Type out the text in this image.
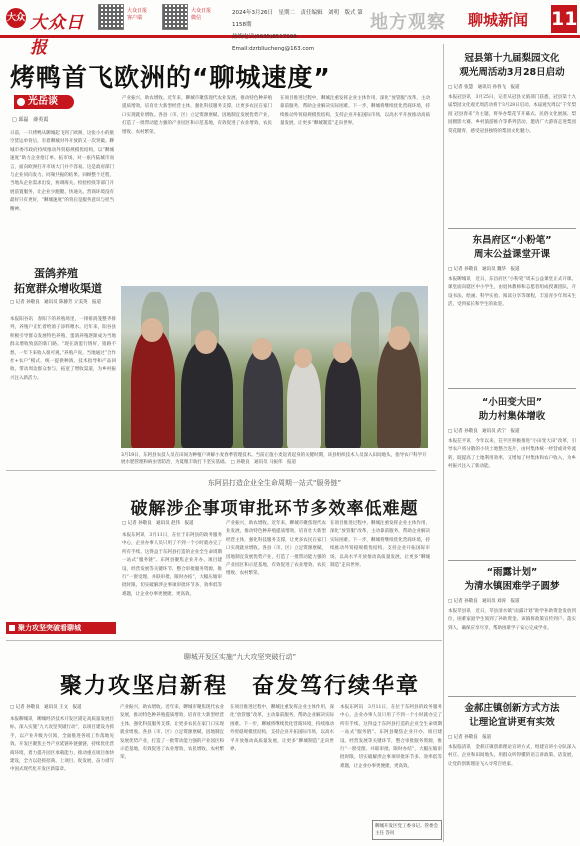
大众 大众日报
大众日报 客户端
大众日报 微信
2024年3月26日　星期二　责任编辑　刘明　版式 第1158期
热线电话(0635)8517099 Email:dzrbliucheng@163.com
地方观察 聊城新闻 11
烤鸭首飞欧洲的“聊城速度”
光岳谈
□ 邱磊　薛英霞
日前，一只烤鸭从聊城起飞到了欧洲，这张小小的航空货运单背后，有着聊城对外开放的又一次突破。聊城市委市政府持续推动外贸稳规模优结构，以“聊城速度”助力企业抢订单、拓市场。对一座内陆城市而言，面向欧洲打开市场大门并不容易。这是政府部门与企业同向发力、同频共振的结果。回顾整个过程，当地从企业需求出发，协调海关、检验检疫等部门开展前置服务，让企业少跑腿、快通关。营商环境没有最好只有更好，“聊城速度”的背后是服务意识与担当精神。
产业振兴，助农增收。近年来，聊城市聚焦现代农业发展，推动特色种养殖提质增效，培育壮大新型经营主体，强化科技服务支撑，让更多农民在家门口实现就业增收。各县（市、区）立足资源禀赋，因地制宜发展优势产业，打造了一批带动能力强的产业园区和示范基地，有效促进了农业增效、农民增收、农村繁荣。
在项目推进过程中，聊城注重发挥企业主体作用，深化“放管服”改革，主动靠前服务，帮助企业解决实际困难。下一步，聊城将继续优化营商环境，持续推动外贸稳规模优结构，支持企业开拓国际市场，以高水平开放推动高质量发展，让更多“聊城制造”走向世界。
蛋鸽养殖
拓宽群众增收渠道
□ 记者 孙敬良　通讯员 陈静芳 亓美英　报道
本报阳谷讯　春阳下的养殖场里，一排排鸽笼整齐排列，养殖户正忙着给鸽子添料喂水。近年来，阳谷县积极引导群众发展特色养殖，蛋鸽养殖逐渐成为当地群众增收致富的新门路。“现在鸽蛋行情好，销路不愁，一年下来收入很可观。”养殖户说。当地通过“合作社+农户”模式，统一提供种鸽、技术指导和产品回收，带动周边群众参与，拓宽了增收渠道，为乡村振兴注入新活力。
3月19日，东阿县农技人员在田间为种植户讲解小麦春季管理技术。当前正值小麦返青起身的关键时期，该县组织技术人员深入田间地头，指导农户科学开展水肥管理和病虫害防治，为夏粮丰收打下坚实基础。 □ 孙敬良　通讯员 马振伟　报道
东阿县打造企业全生命周期一站式“服务链”
破解涉企事项审批环节多效率低难题
□ 记者 孙敬良　通讯员 赵伟　报道
本报东阿讯　3月11日，在位于东阿县的政务服务中心，企业办事人员只用了不到一个小时就办完了所有手续。这得益于东阿县打造的企业全生命周期一站式“服务链”。东阿县聚焦企业开办、项目建设、经营发展等关键环节，整合审批服务资源，推行“一窗受理、并联审批、限时办结”，大幅压缩审批时限，切实破解涉企事项审批环节多、效率低等难题，让企业办事更便捷、更高效。
产业振兴，助农增收。近年来，聊城市聚焦现代农业发展，推动特色种养殖提质增效，培育壮大新型经营主体，强化科技服务支撑，让更多农民在家门口实现就业增收。各县（市、区）立足资源禀赋，因地制宜发展优势产业，打造了一批带动能力强的产业园区和示范基地，有效促进了农业增效、农民增收、农村繁荣。
在项目推进过程中，聊城注重发挥企业主体作用，深化“放管服”改革，主动靠前服务，帮助企业解决实际困难。下一步，聊城将继续优化营商环境，持续推动外贸稳规模优结构，支持企业开拓国际市场，以高水平开放推动高质量发展，让更多“聊城制造”走向世界。
聚力攻坚突破看聊城
聊城开发区实施“九大攻坚突破行动”
聚力攻坚启新程　奋发笃行续华章
□ 记者 孙敬良　通讯员 王文　报道
本报聊城讯　聊城经济技术开发区锚定高质量发展目标，深入实施“九大攻坚突破行动”，以项目建设为抓手，以产业升级为引领，全面推进各项工作落地见效。开发区聚焦主导产业延链补链强链，持续优化营商环境，着力提升园区承载能力，推动重点项目加快建设，全力以赴抓招商、上项目、促发展，奋力谱写中国式现代化开发区新篇章。
产业振兴，助农增收。近年来，聊城市聚焦现代农业发展，推动特色种养殖提质增效，培育壮大新型经营主体，强化科技服务支撑，让更多农民在家门口实现就业增收。各县（市、区）立足资源禀赋，因地制宜发展优势产业，打造了一批带动能力强的产业园区和示范基地，有效促进了农业增效、农民增收、农村繁荣。
在项目推进过程中，聊城注重发挥企业主体作用，深化“放管服”改革，主动靠前服务，帮助企业解决实际困难。下一步，聊城将继续优化营商环境，持续推动外贸稳规模优结构，支持企业开拓国际市场，以高水平开放推动高质量发展，让更多“聊城制造”走向世界。
本报东阿讯　3月11日，在位于东阿县的政务服务中心，企业办事人员只用了不到一个小时就办完了所有手续。这得益于东阿县打造的企业全生命周期一站式“服务链”。东阿县聚焦企业开办、项目建设、经营发展等关键环节，整合审批服务资源，推行“一窗受理、并联审批、限时办结”，大幅压缩审批时限，切实破解涉企事项审批环节多、效率低等难题，让企业办事更便捷、更高效。
聊城开发区党工委书记、管委会主任 答问
冠县第十九届梨园文化
观光周活动3月28日启动
□ 记者 张慧　通讯员 孙春飞　报道
本报冠县讯　3月25日，记者从冠县文旅部门获悉，冠县第十九届梨园文化观光周活动将于3月28日启动。本届观光周以“千年梨园 冠县春来”为主题，将举办梨花节开幕式、民俗文化展演、梨园摄影大赛、乡村旅游推介等系列活动，邀请广大游客走进梨园赏花踏青，感受冠县独特的梨园文化魅力。
东昌府区“小粉笔”
周末公益课堂开课
□ 记者 孙敬良　通讯员 魏华　报道
本报聊城讯　近日，东昌府区“小粉笔”周末公益课堂正式开课。课堂面向辖区中小学生，由退休教师和志愿者组成授课团队，开设书法、绘画、科学实验、阅读分享等课程，丰富青少年周末生活，受到家长和学生的欢迎。
“小田变大田”
助力村集体增收
□ 记者 孙敬良　通讯员 武宁　报道
本报茌平讯　今年以来，茌平区积极推进“小田变大田”改革，引导农户将分散的小块土地整合连片，由村集体统一经营或对外流转，既提高了土地利用效率，又增加了村集体和农户收入，为乡村振兴注入了新动能。
“雨露计划”
为清水镇困难学子圆梦
□ 记者 孙敬良　通讯员 刘涛　报道
本报莘县讯　近日，莘县清水镇“雨露计划”助学补助资金发放到位，困难家庭学生领到了补助资金。该镇将政策宣传到户、落实到人，确保应享尽享，帮助困难学子安心完成学业。
金郝庄镇创新方式方法
让理论宣讲更有实效
□ 记者 孙敬良　报道
本报临清讯　金郝庄镇创新理论宣讲方式，组建宣讲小分队深入村庄、企业和田间地头，用群众听得懂的语言讲政策、话发展，让党的创新理论飞入寻常百姓家。
